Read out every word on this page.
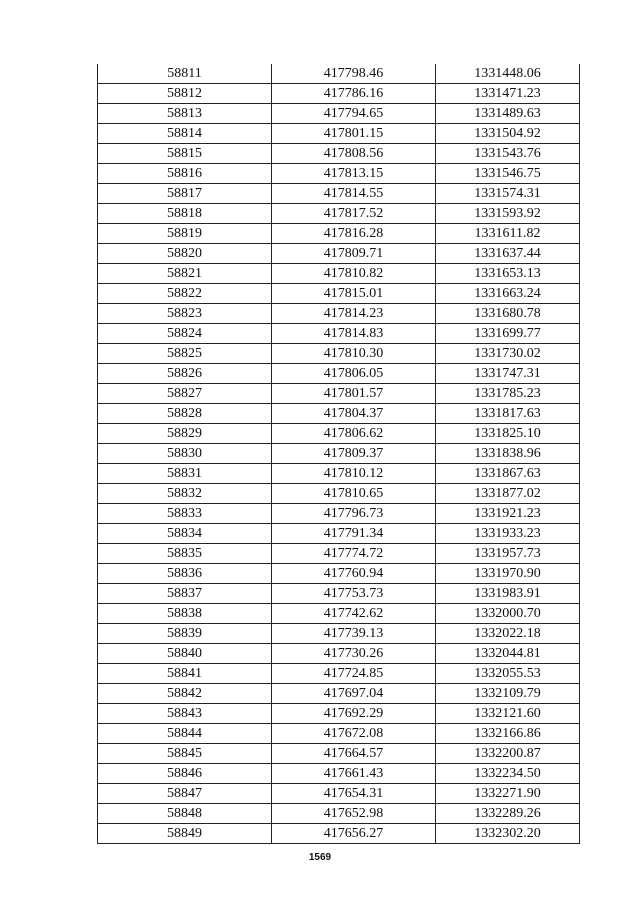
58811	417798.46	1331448.06
58812	417786.16	1331471.23
58813	417794.65	1331489.63
58814	417801.15	1331504.92
58815	417808.56	1331543.76
58816	417813.15	1331546.75
58817	417814.55	1331574.31
58818	417817.52	1331593.92
58819	417816.28	1331611.82
58820	417809.71	1331637.44
58821	417810.82	1331653.13
58822	417815.01	1331663.24
58823	417814.23	1331680.78
58824	417814.83	1331699.77
58825	417810.30	1331730.02
58826	417806.05	1331747.31
58827	417801.57	1331785.23
58828	417804.37	1331817.63
58829	417806.62	1331825.10
58830	417809.37	1331838.96
58831	417810.12	1331867.63
58832	417810.65	1331877.02
58833	417796.73	1331921.23
58834	417791.34	1331933.23
58835	417774.72	1331957.73
58836	417760.94	1331970.90
58837	417753.73	1331983.91
58838	417742.62	1332000.70
58839	417739.13	1332022.18
58840	417730.26	1332044.81
58841	417724.85	1332055.53
58842	417697.04	1332109.79
58843	417692.29	1332121.60
58844	417672.08	1332166.86
58845	417664.57	1332200.87
58846	417661.43	1332234.50
58847	417654.31	1332271.90
58848	417652.98	1332289.26
58849	417656.27	1332302.20
1569
